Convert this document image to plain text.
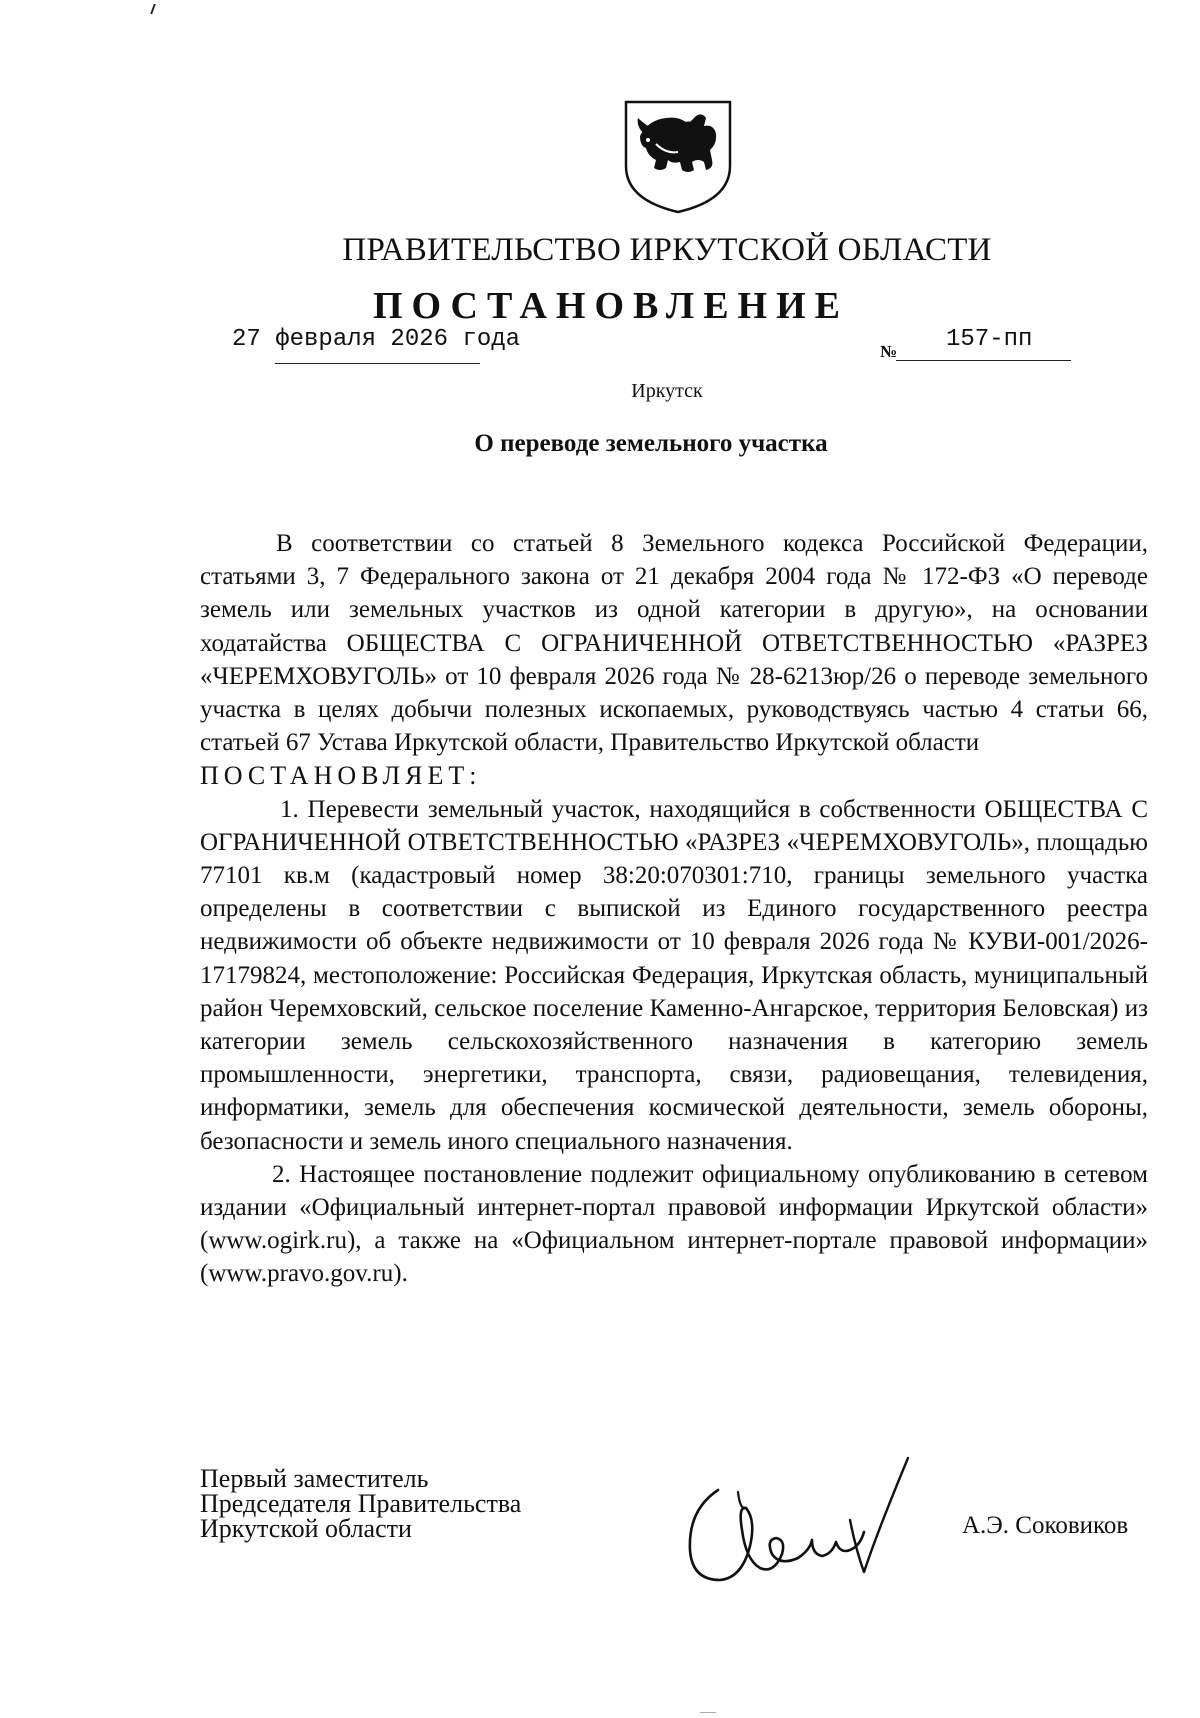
ПРАВИТЕЛЬСТВО ИРКУТСКОЙ ОБЛАСТИ
ПОСТАНОВЛЕНИЕ
27 февраля 2026 года	№ 157-пп
Иркутск
О переводе земельного участка

В соответствии со статьей 8 Земельного кодекса Российской Федерации, статьями 3, 7 Федерального закона от 21 декабря 2004 года № 172-ФЗ «О переводе земель или земельных участков из одной категории в другую», на основании ходатайства ОБЩЕСТВА С ОГРАНИЧЕННОЙ ОТВЕТСТВЕННОСТЬЮ «РАЗРЕЗ «ЧЕРЕМХОВУГОЛЬ» от 10 февраля 2026 года № 28-6213юр/26 о переводе земельного участка в целях добычи полезных ископаемых, руководствуясь частью 4 статьи 66, статьей 67 Устава Иркутской области, Правительство Иркутской области

ПОСТАНОВЛЯЕТ:

1. Перевести земельный участок, находящийся в собственности ОБЩЕСТВА С ОГРАНИЧЕННОЙ ОТВЕТСТВЕННОСТЬЮ «РАЗРЕЗ «ЧЕРЕМХОВУГОЛЬ», площадью 77101 кв.м (кадастровый номер 38:20:070301:710, границы земельного участка определены в соответствии с выпиской из Единого государственного реестра недвижимости об объекте недвижимости от 10 февраля 2026 года № КУВИ-001/2026-17179824, местоположение: Российская Федерация, Иркутская область, муниципальный район Черемховский, сельское поселение Каменно-Ангарское, территория Беловская) из категории земель сельскохозяйственного назначения в категорию земель промышленности, энергетики, транспорта, связи, радиовещания, телевидения, информатики, земель для обеспечения космической деятельности, земель обороны, безопасности и земель иного специального назначения.

2. Настоящее постановление подлежит официальному опубликованию в сетевом издании «Официальный интернет-портал правовой информации Иркутской области» (www.ogirk.ru), а также на «Официальном интернет-портале правовой информации» (www.pravo.gov.ru).

Первый заместитель
Председателя Правительства
Иркутской области	А.Э. Соковиков
